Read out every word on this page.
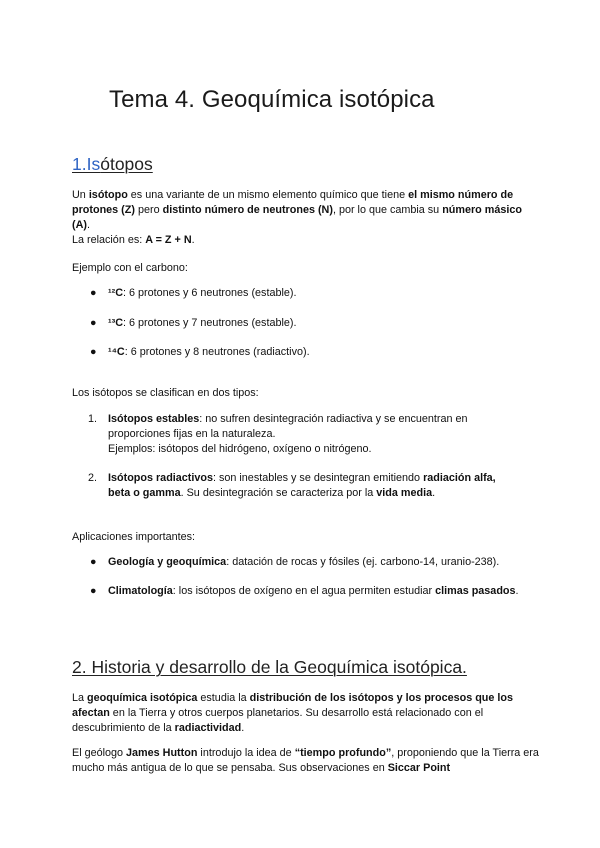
Tema 4. Geoquímica isotópica
1.Isótopos

Un isótopo es una variante de un mismo elemento químico que tiene el mismo número de protones (Z) pero distinto número de neutrones (N), por lo que cambia su número másico (A).

La relación es: A = Z + N.

Ejemplo con el carbono:

●	¹²C: 6 protones y 6 neutrones (estable).
●	¹³C: 6 protones y 7 neutrones (estable).
●	¹⁴C: 6 protones y 8 neutrones (radiactivo).

Los isótopos se clasifican en dos tipos:

1.	Isótopos estables: no sufren desintegración radiactiva y se encuentran en proporciones fijas en la naturaleza.
Ejemplos: isótopos del hidrógeno, oxígeno o nitrógeno.
2.	Isótopos radiactivos: son inestables y se desintegran emitiendo radiación alfa, beta o gamma. Su desintegración se caracteriza por la vida media.

Aplicaciones importantes:

●	Geología y geoquímica: datación de rocas y fósiles (ej. carbono-14, uranio-238).
●	Climatología: los isótopos de oxígeno en el agua permiten estudiar climas pasados.
2. Historia y desarrollo de la Geoquímica isotópica.

La geoquímica isotópica estudia la distribución de los isótopos y los procesos que los afectan en la Tierra y otros cuerpos planetarios. Su desarrollo está relacionado con el descubrimiento de la radiactividad.

El geólogo James Hutton introdujo la idea de “tiempo profundo”, proponiendo que la Tierra era mucho más antigua de lo que se pensaba. Sus observaciones en Siccar Point
